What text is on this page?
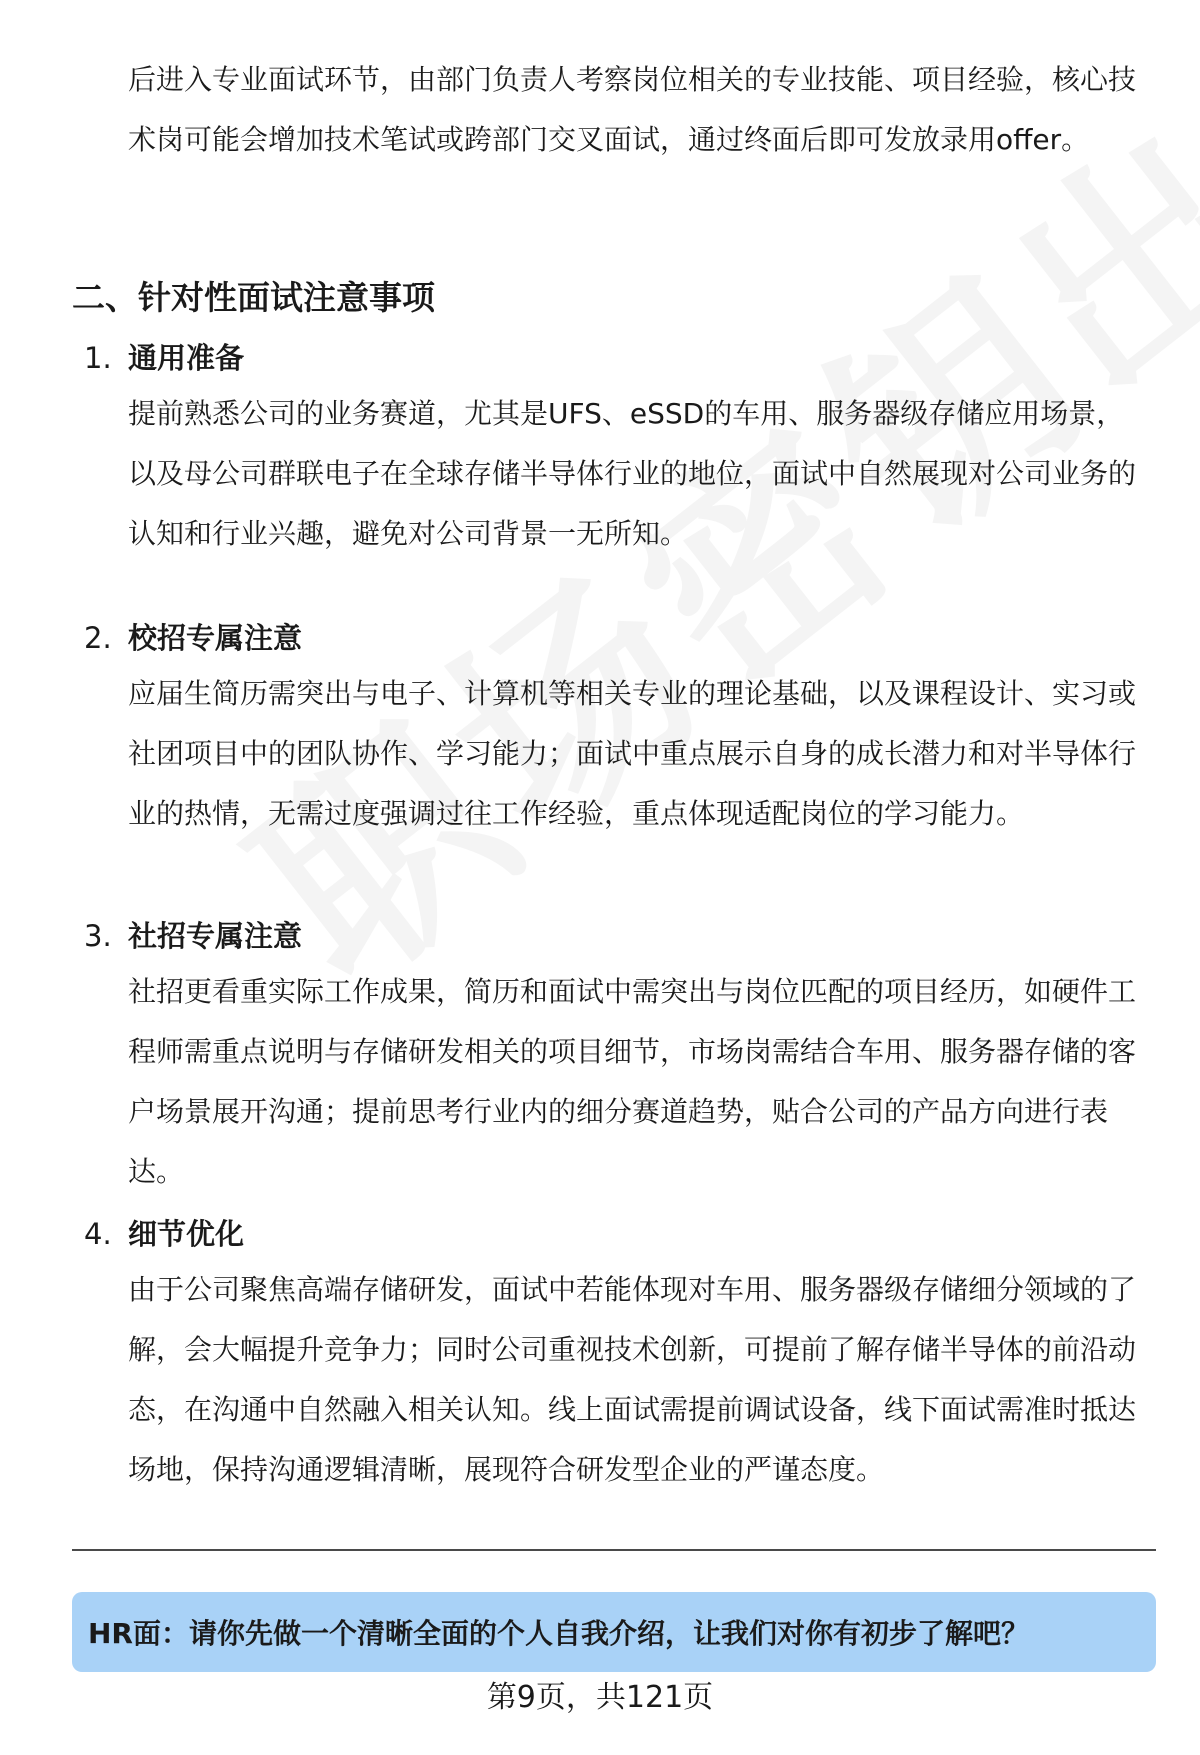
后进入专业面试环节，由部门负责人考察岗位相关的专业技能、项目经验，核心技术岗可能会增加技术笔试或跨部门交叉面试，通过终面后即可发放录用offer。

二、针对性面试注意事项
1. 通用准备

提前熟悉公司的业务赛道，尤其是UFS、eSSD的车用、服务器级存储应用场景，以及母公司群联电子在全球存储半导体行业的地位，面试中自然展现对公司业务的认知和行业兴趣，避免对公司背景一无所知。

2. 校招专属注意

应届生简历需突出与电子、计算机等相关专业的理论基础，以及课程设计、实习或社团项目中的团队协作、学习能力；面试中重点展示自身的成长潜力和对半导体行业的热情，无需过度强调过往工作经验，重点体现适配岗位的学习能力。

3. 社招专属注意

社招更看重实际工作成果，简历和面试中需突出与岗位匹配的项目经历，如硬件工程师需重点说明与存储研发相关的项目细节，市场岗需结合车用、服务器存储的客户场景展开沟通；提前思考行业内的细分赛道趋势，贴合公司的产品方向进行表达。

4. 细节优化

由于公司聚焦高端存储研发，面试中若能体现对车用、服务器级存储细分领域的了解，会大幅提升竞争力；同时公司重视技术创新，可提前了解存储半导体的前沿动态，在沟通中自然融入相关认知。线上面试需提前调试设备，线下面试需准时抵达场地，保持沟通逻辑清晰，展现符合研发型企业的严谨态度。

HR面：请你先做一个清晰全面的个人自我介绍，让我们对你有初步了解吧？
第9页，共121页
